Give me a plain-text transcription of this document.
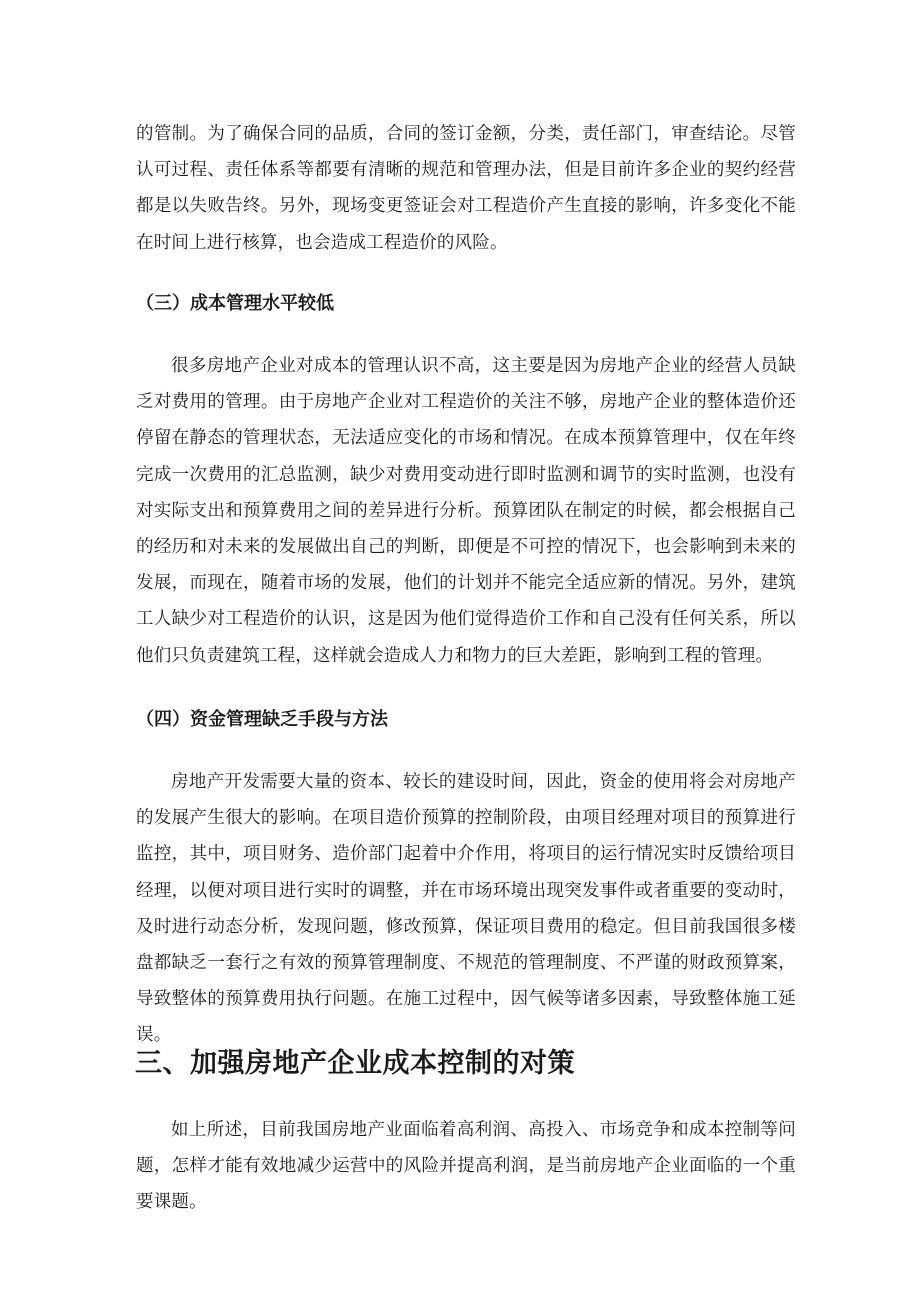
的管制。为了确保合同的品质，合同的签订金额，分类，责任部门，审查结论。尽管认可过程、责任体系等都要有清晰的规范和管理办法，但是目前许多企业的契约经营都是以失败告终。另外，现场变更签证会对工程造价产生直接的影响，许多变化不能在时间上进行核算，也会造成工程造价的风险。

（三）成本管理水平较低

很多房地产企业对成本的管理认识不高，这主要是因为房地产企业的经营人员缺乏对费用的管理。由于房地产企业对工程造价的关注不够，房地产企业的整体造价还停留在静态的管理状态，无法适应变化的市场和情况。在成本预算管理中，仅在年终完成一次费用的汇总监测，缺少对费用变动进行即时监测和调节的实时监测，也没有对实际支出和预算费用之间的差异进行分析。预算团队在制定的时候，都会根据自己的经历和对未来的发展做出自己的判断，即便是不可控的情况下，也会影响到未来的发展，而现在，随着市场的发展，他们的计划并不能完全适应新的情况。另外，建筑工人缺少对工程造价的认识，这是因为他们觉得造价工作和自己没有任何关系，所以他们只负责建筑工程，这样就会造成人力和物力的巨大差距，影响到工程的管理。

（四）资金管理缺乏手段与方法

房地产开发需要大量的资本、较长的建设时间，因此，资金的使用将会对房地产的发展产生很大的影响。在项目造价预算的控制阶段，由项目经理对项目的预算进行监控，其中，项目财务、造价部门起着中介作用，将项目的运行情况实时反馈给项目经理，以便对项目进行实时的调整，并在市场环境出现突发事件或者重要的变动时，及时进行动态分析，发现问题，修改预算，保证项目费用的稳定。但目前我国很多楼盘都缺乏一套行之有效的预算管理制度、不规范的管理制度、不严谨的财政预算案，导致整体的预算费用执行问题。在施工过程中，因气候等诸多因素，导致整体施工延误。

三、加强房地产企业成本控制的对策

如上所述，目前我国房地产业面临着高利润、高投入、市场竞争和成本控制等问题，怎样才能有效地减少运营中的风险并提高利润，是当前房地产企业面临的一个重要课题。
